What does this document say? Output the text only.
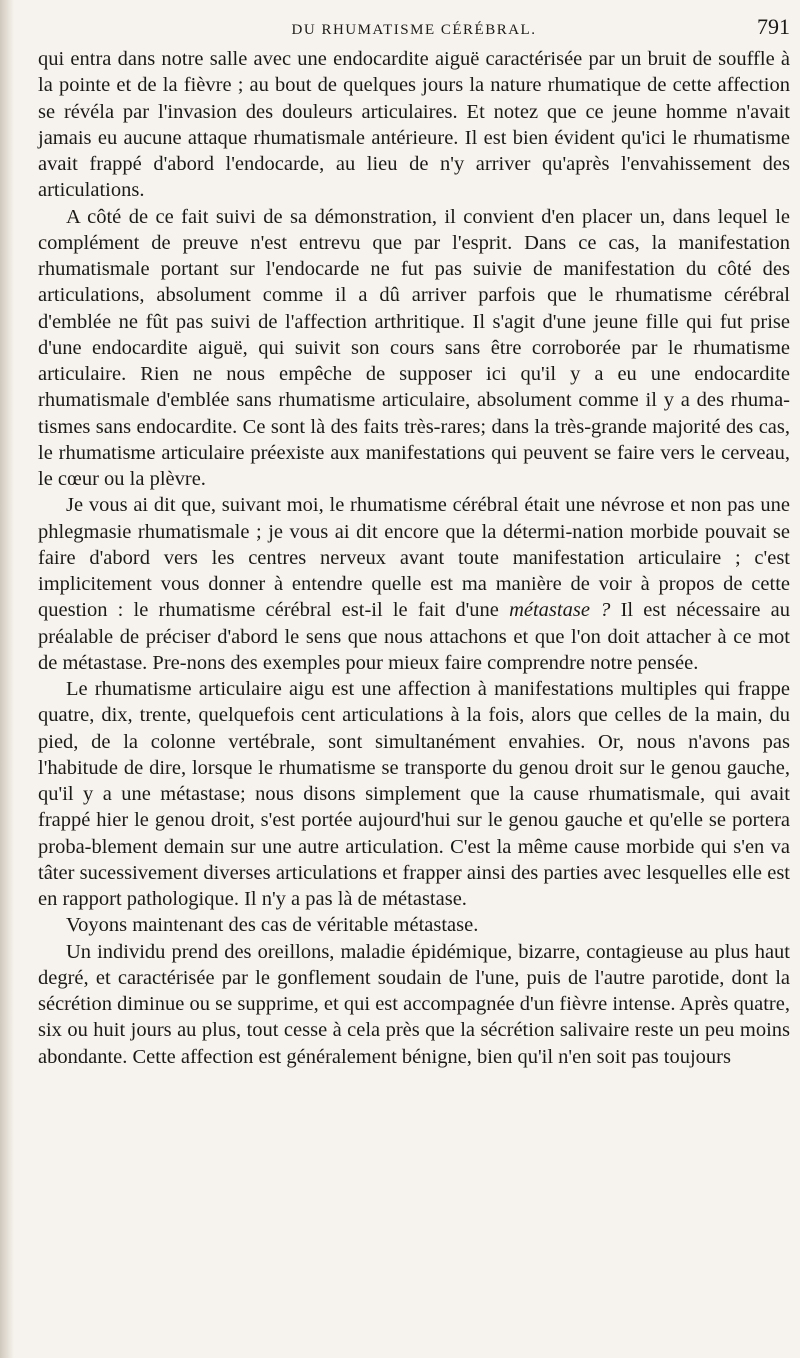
DU RHUMATISME CÉRÉBRAL.	791

qui entra dans notre salle avec une endocardite aiguë caractérisée par un bruit de souffle à la pointe et de la fièvre ; au bout de quelques jours la nature rhumatique de cette affection se révéla par l'invasion des douleurs articulaires. Et notez que ce jeune homme n'avait jamais eu aucune attaque rhumatismale antérieure. Il est bien évident qu'ici le rhumatisme avait frappé d'abord l'endocarde, au lieu de n'y arriver qu'après l'envahissement des articulations.

A côté de ce fait suivi de sa démonstration, il convient d'en placer un, dans lequel le complément de preuve n'est entrevu que par l'esprit. Dans ce cas, la manifestation rhumatismale portant sur l'endocarde ne fut pas suivie de manifestation du côté des articulations, absolument comme il a dû arriver parfois que le rhumatisme cérébral d'emblée ne fût pas suivi de l'affection arthritique. Il s'agit d'une jeune fille qui fut prise d'une endocardite aiguë, qui suivit son cours sans être corroborée par le rhumatisme articulaire. Rien ne nous empêche de supposer ici qu'il y a eu une endocardite rhumatismale d'emblée sans rhumatisme articulaire, absolument comme il y a des rhuma-tismes sans endocardite. Ce sont là des faits très-rares; dans la très-grande majorité des cas, le rhumatisme articulaire préexiste aux manifestations qui peuvent se faire vers le cerveau, le cœur ou la plèvre.

Je vous ai dit que, suivant moi, le rhumatisme cérébral était une névrose et non pas une phlegmasie rhumatismale ; je vous ai dit encore que la détermi-nation morbide pouvait se faire d'abord vers les centres nerveux avant toute manifestation articulaire ; c'est implicitement vous donner à entendre quelle est ma manière de voir à propos de cette question : le rhumatisme cérébral est-il le fait d'une métastase ? Il est nécessaire au préalable de préciser d'abord le sens que nous attachons et que l'on doit attacher à ce mot de métastase. Pre-nons des exemples pour mieux faire comprendre notre pensée.

Le rhumatisme articulaire aigu est une affection à manifestations multiples qui frappe quatre, dix, trente, quelquefois cent articulations à la fois, alors que celles de la main, du pied, de la colonne vertébrale, sont simultanément envahies. Or, nous n'avons pas l'habitude de dire, lorsque le rhumatisme se transporte du genou droit sur le genou gauche, qu'il y a une métastase; nous disons simplement que la cause rhumatismale, qui avait frappé hier le genou droit, s'est portée aujourd'hui sur le genou gauche et qu'elle se portera proba-blement demain sur une autre articulation. C'est la même cause morbide qui s'en va tâter sucessivement diverses articulations et frapper ainsi des parties avec lesquelles elle est en rapport pathologique. Il n'y a pas là de métastase.

Voyons maintenant des cas de véritable métastase.

Un individu prend des oreillons, maladie épidémique, bizarre, contagieuse au plus haut degré, et caractérisée par le gonflement soudain de l'une, puis de l'autre parotide, dont la sécrétion diminue ou se supprime, et qui est accompagnée d'un fièvre intense. Après quatre, six ou huit jours au plus, tout cesse à cela près que la sécrétion salivaire reste un peu moins abondante. Cette affection est généralement bénigne, bien qu'il n'en soit pas toujours
